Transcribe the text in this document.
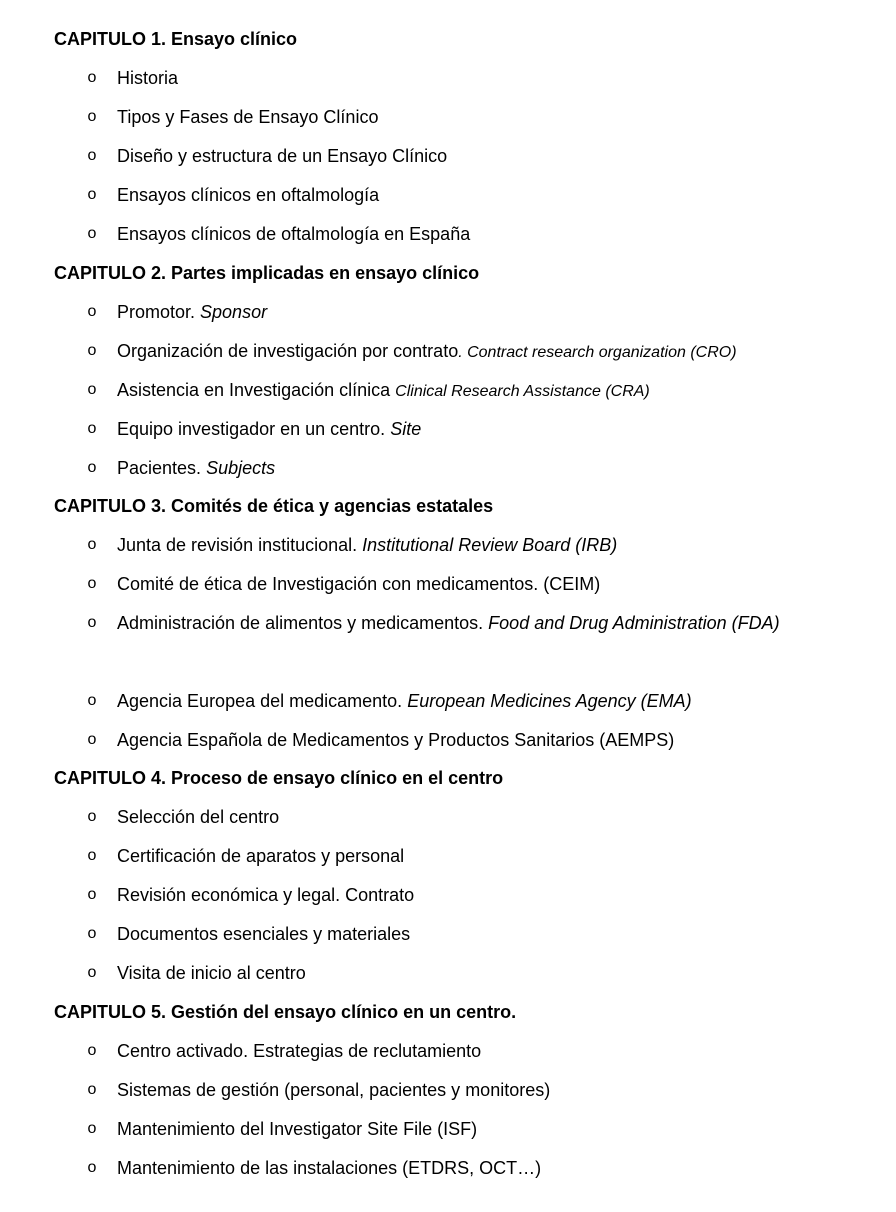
CAPITULO 1. Ensayo clínico
o Historia
o Tipos y Fases de Ensayo Clínico
o Diseño y estructura de un Ensayo Clínico
o Ensayos clínicos en oftalmología
o Ensayos clínicos de oftalmología en España
CAPITULO 2. Partes implicadas en ensayo clínico
o Promotor. Sponsor
o Organización de investigación por contrato. Contract research organization (CRO)
o Asistencia en Investigación clínica Clinical Research Assistance (CRA)
o Equipo investigador en un centro. Site
o Pacientes. Subjects
CAPITULO 3. Comités de ética y agencias estatales
o Junta de revisión institucional. Institutional Review Board (IRB)
o Comité de ética de Investigación con medicamentos. (CEIM)
o Administración de alimentos y medicamentos. Food and Drug Administration (FDA)
o Agencia Europea del medicamento. European Medicines Agency (EMA)
o Agencia Española de Medicamentos y Productos Sanitarios (AEMPS)
CAPITULO 4. Proceso de ensayo clínico en el centro
o Selección del centro
o Certificación de aparatos y personal
o Revisión económica y legal. Contrato
o Documentos esenciales y materiales
o Visita de inicio al centro
CAPITULO 5. Gestión del ensayo clínico en un centro.
o Centro activado. Estrategias de reclutamiento
o Sistemas de gestión (personal, pacientes y monitores)
o Mantenimiento del Investigator Site File (ISF)
o Mantenimiento de las instalaciones (ETDRS, OCT…)
